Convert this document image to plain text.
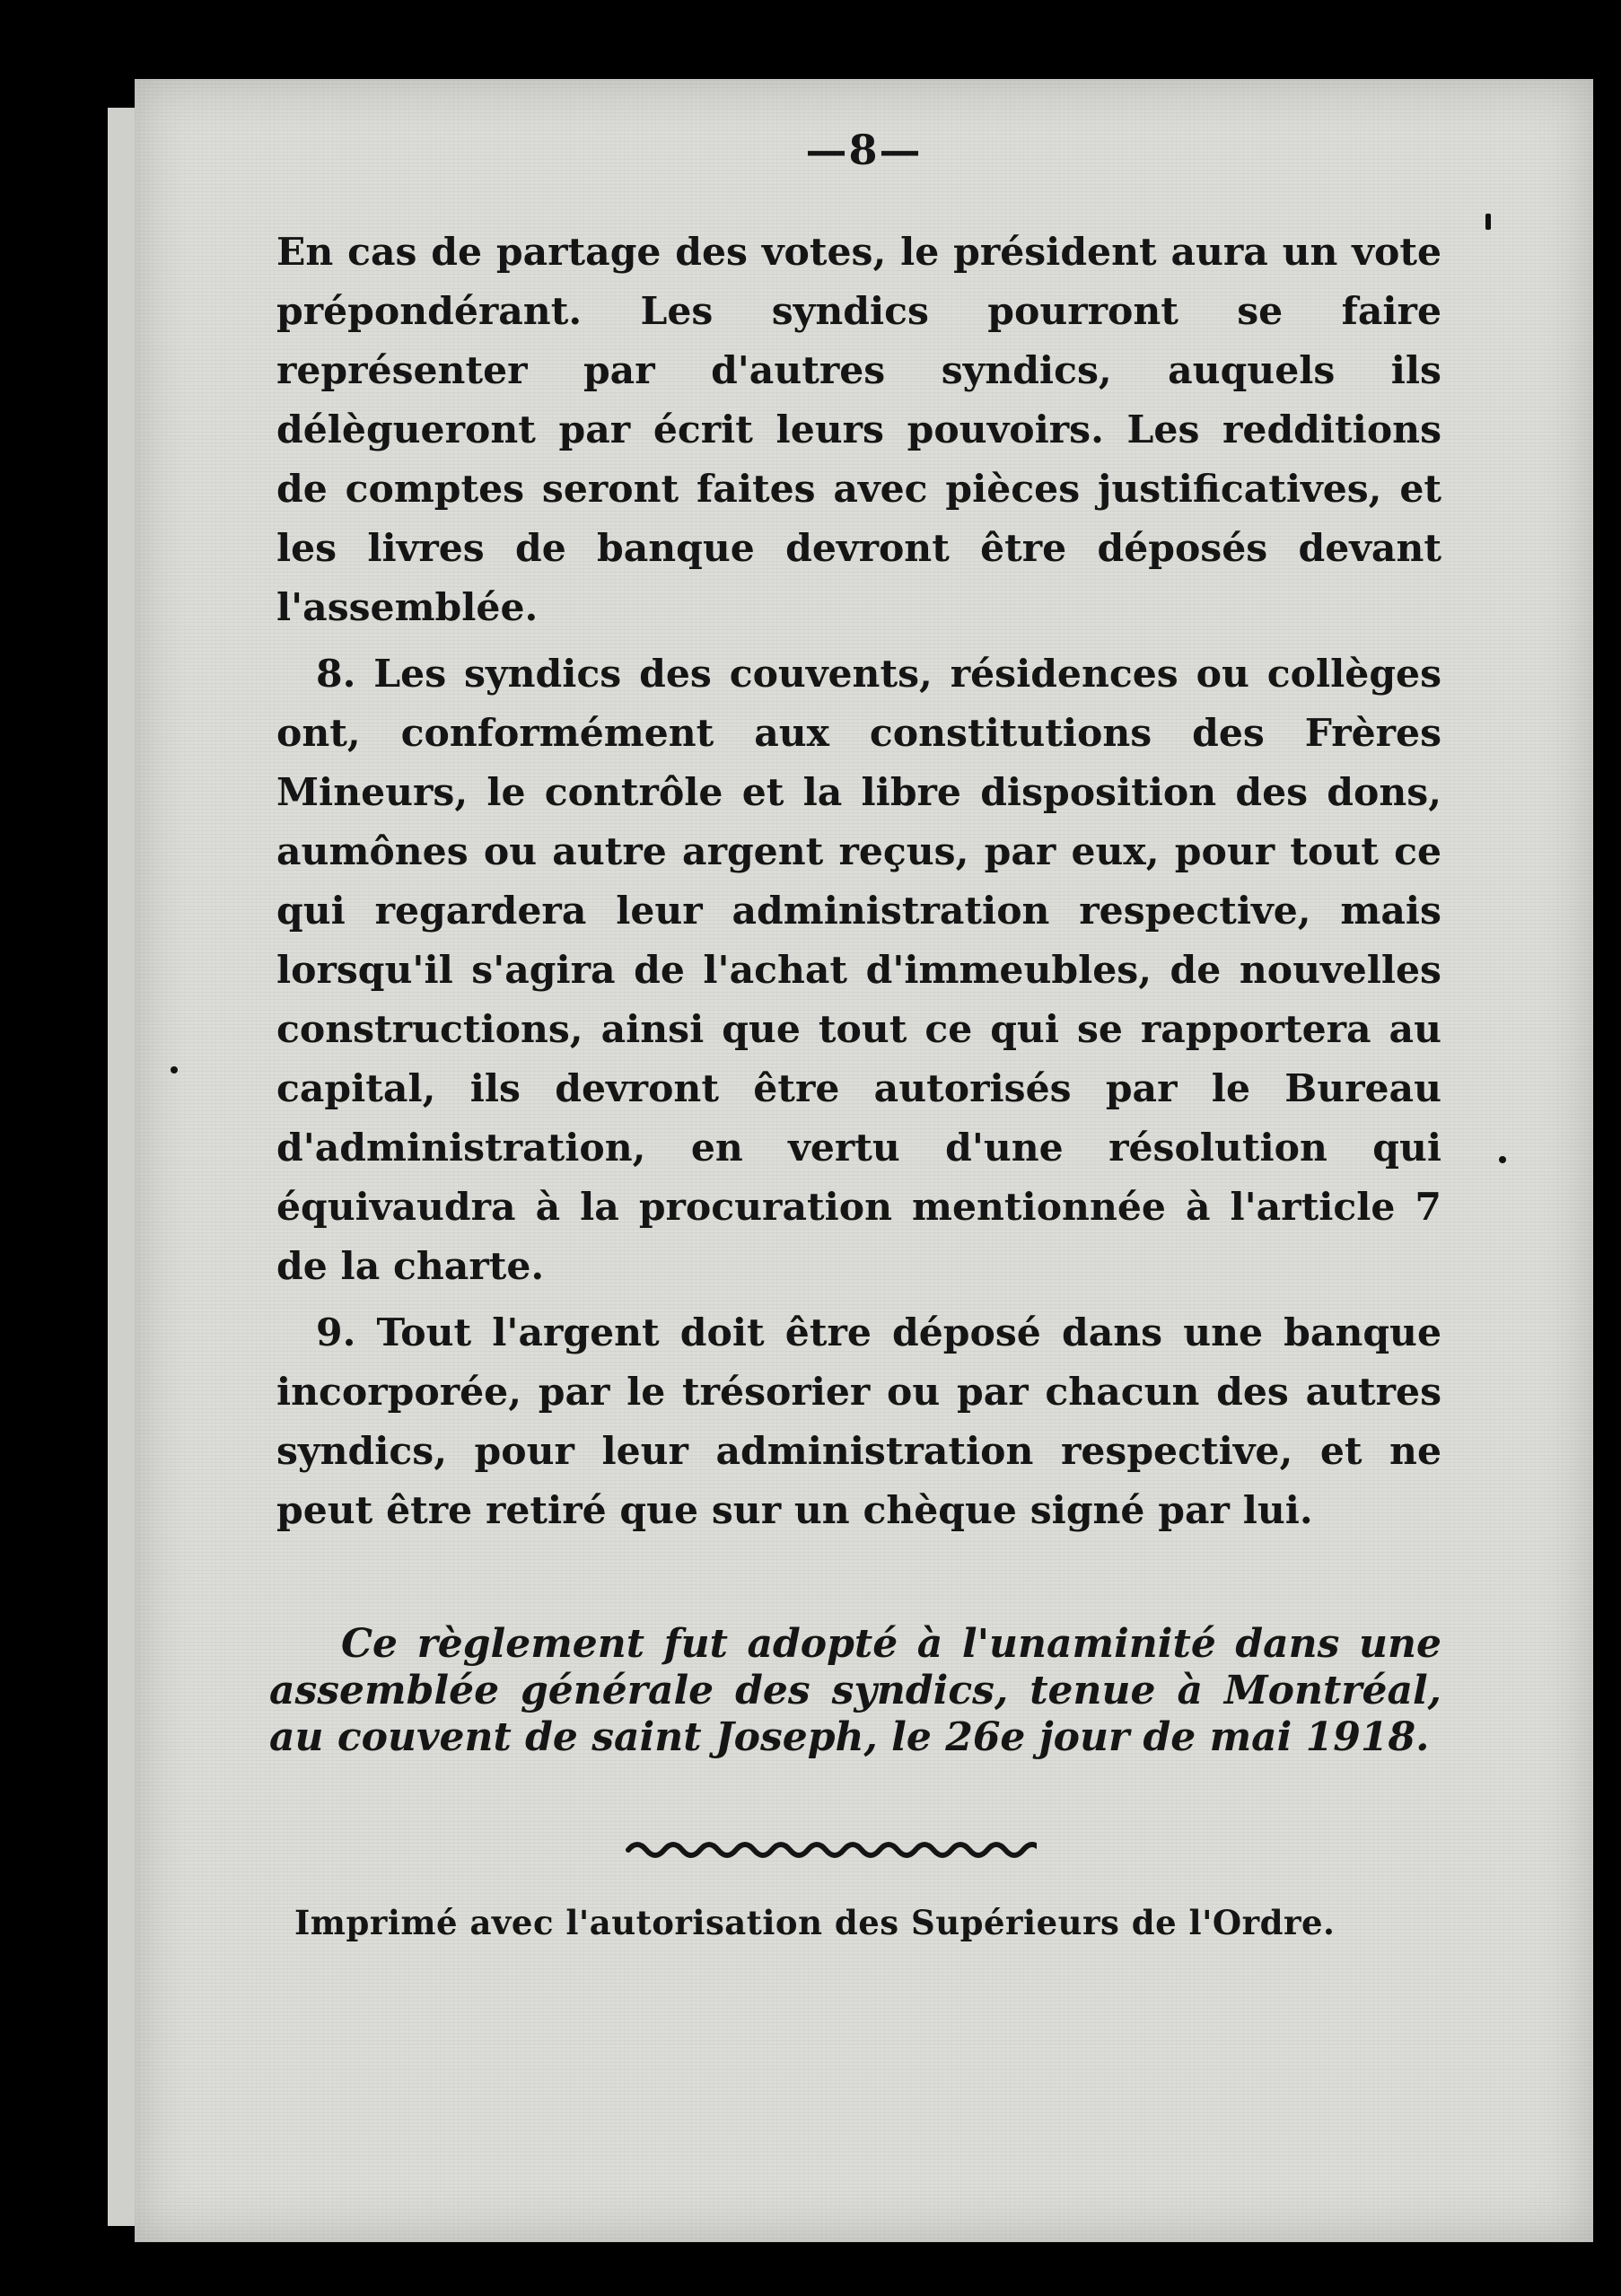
—8—

En cas de partage des votes, le président aura un vote prépondérant. Les syndics pourront se faire représenter par d'autres syndics, auquels ils délègueront par écrit leurs pouvoirs. Les redditions de comptes seront faites avec pièces justificatives, et les livres de banque devront être déposés devant l'assemblée.

8. Les syndics des couvents, résidences ou collèges ont, conformément aux constitutions des Frères Mineurs, le contrôle et la libre disposition des dons, aumônes ou autre argent reçus, par eux, pour tout ce qui regardera leur administration respective, mais lorsqu'il s'agira de l'achat d'immeubles, de nouvelles constructions, ainsi que tout ce qui se rapportera au capital, ils devront être autorisés par le Bureau d'administration, en vertu d'une résolution qui équivaudra à la procuration mentionnée à l'article 7 de la charte.

9. Tout l'argent doit être déposé dans une banque incorporée, par le trésorier ou par chacun des autres syndics, pour leur administration respective, et ne peut être retiré que sur un chèque signé par lui.

Ce règlement fut adopté à l'unaminité dans une assemblée générale des syndics, tenue à Montréal, au couvent de saint Joseph, le 26e jour de mai 1918.

Imprimé avec l'autorisation des Supérieurs de l'Ordre.
